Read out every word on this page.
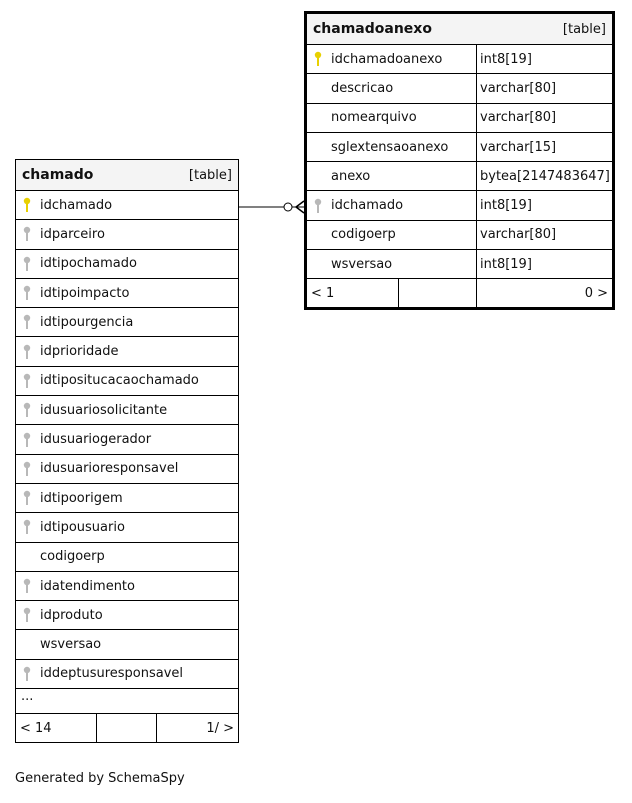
chamado	[table]
idchamado
idparceiro
idtipochamado
idtipoimpacto
idtipourgencia
idprioridade
idtipositucacaochamado
idusuariosolicitante
idusuariogerador
idusuarioresponsavel
idtipoorigem
idtipousuario
codigoerp
idatendimento
idproduto
wsversao
iddeptusuresponsavel
...
< 14	1/ >
chamadoanexo	[table]
idchamadoanexo	int8[19]
descricao	varchar[80]
nomearquivo	varchar[80]
sglextensaoanexo varchar[15]
anexo	bytea[2147483647]
idchamado	int8[19]
codigoerp	varchar[80]
wsversao	int8[19]
< 1	0 >
Generated by SchemaSpy
